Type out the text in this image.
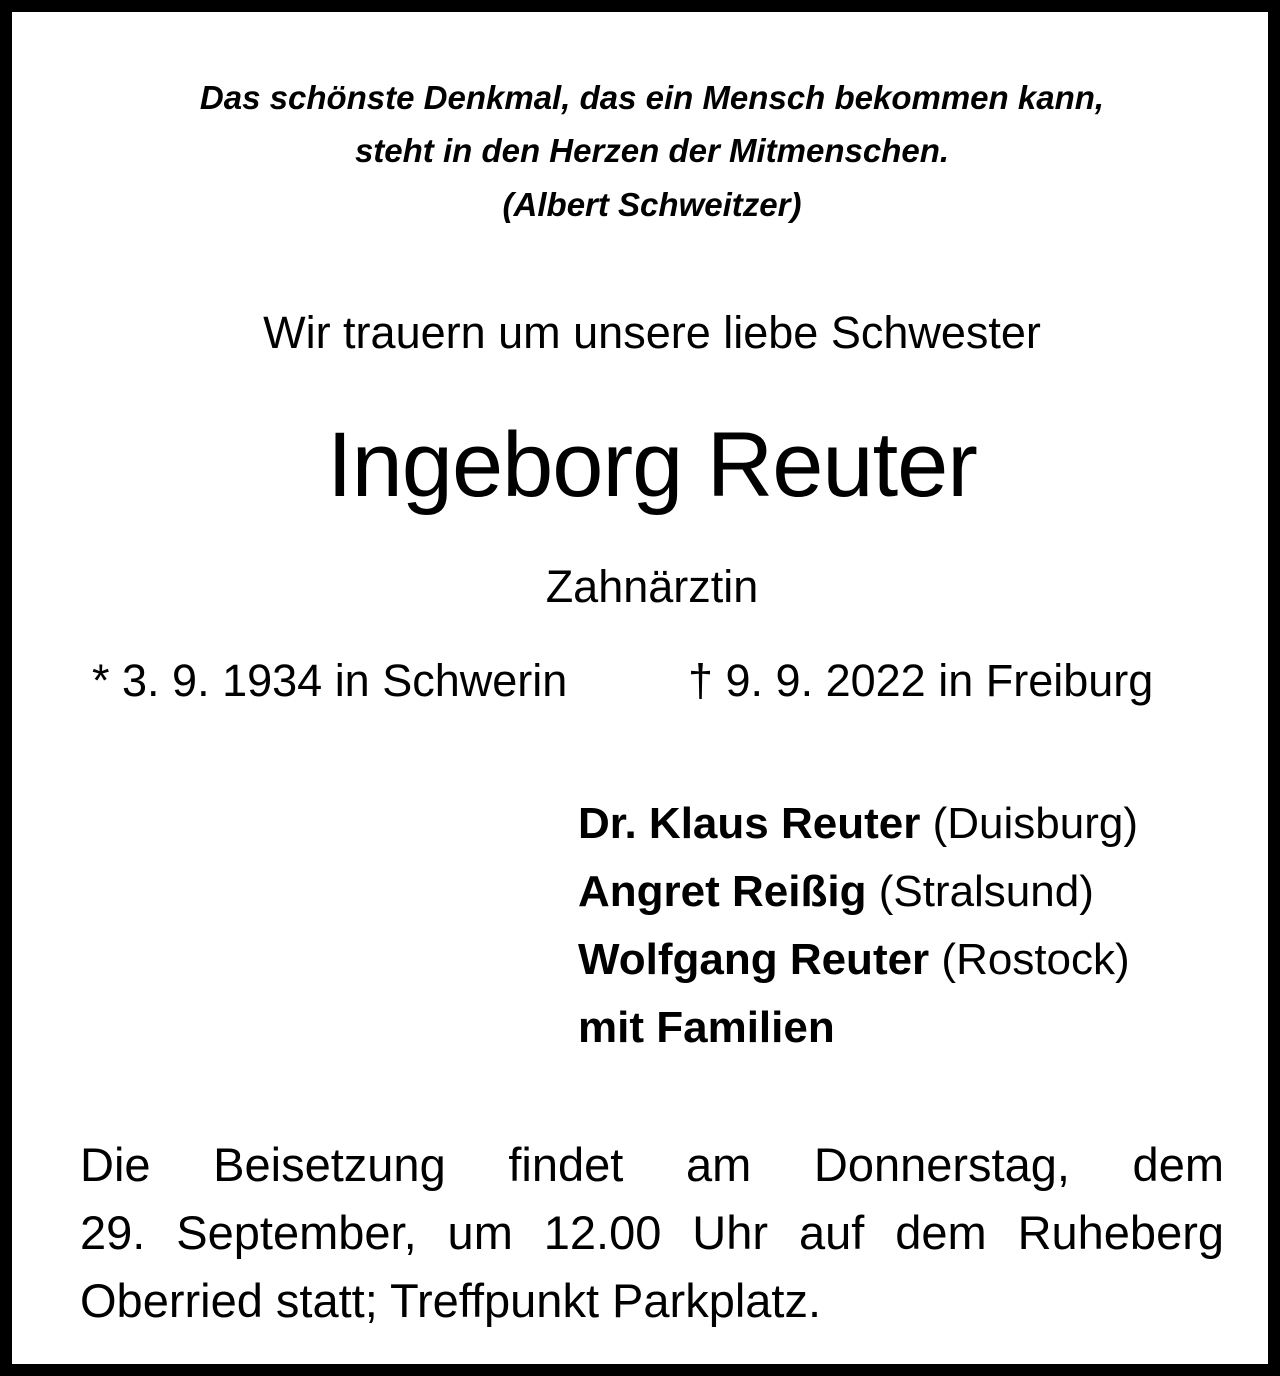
Das schönste Denkmal, das ein Mensch bekommen kann,
steht in den Herzen der Mitmenschen.
(Albert Schweitzer)
Wir trauern um unsere liebe Schwester
Ingeborg Reuter
Zahnärztin
* 3. 9. 1934 in Schwerin	† 9. 9. 2022 in Freiburg
Dr. Klaus Reuter (Duisburg)
Angret Reißig (Stralsund)
Wolfgang Reuter (Rostock)
mit Familien
Die Beisetzung findet am Donnerstag, dem
29. September, um 12.00 Uhr auf dem Ruheberg
Oberried statt; Treffpunkt Parkplatz.
